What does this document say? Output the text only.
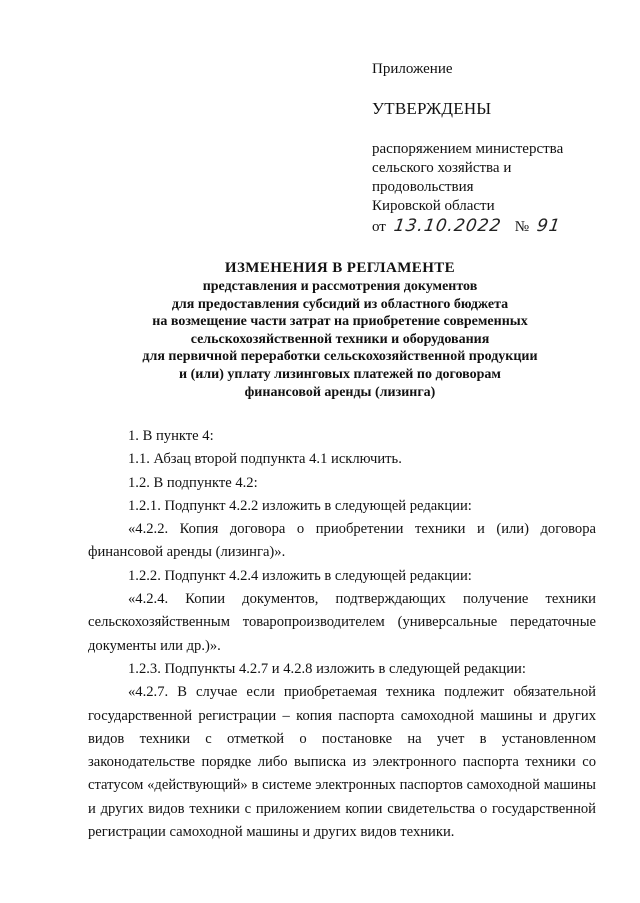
Приложение

УТВЕРЖДЕНЫ

распоряжением министерства
сельского хозяйства и
продовольствия
Кировской области

от 13.10.2022 № 91

ИЗМЕНЕНИЯ В РЕГЛАМЕНТЕ

представления и рассмотрения документов

для предоставления субсидий из областного бюджета

на возмещение части затрат на приобретение современных

сельскохозяйственной техники и оборудования

для первичной переработки сельскохозяйственной продукции

и (или) уплату лизинговых платежей по договорам

финансовой аренды (лизинга)

1. В пункте 4:

1.1. Абзац второй подпункта 4.1 исключить.

1.2. В подпункте 4.2:

1.2.1. Подпункт 4.2.2 изложить в следующей редакции:

«4.2.2. Копия договора о приобретении техники и (или) договора финансовой аренды (лизинга)».

1.2.2. Подпункт 4.2.4 изложить в следующей редакции:

«4.2.4. Копии документов, подтверждающих получение техники сельскохозяйственным товаропроизводителем (универсальные передаточные документы или др.)».

1.2.3. Подпункты 4.2.7 и 4.2.8 изложить в следующей редакции:

«4.2.7. В случае если приобретаемая техника подлежит обязательной государственной регистрации – копия паспорта самоходной машины и других видов техники с отметкой о постановке на учет в установленном законодательстве порядке либо выписка из электронного паспорта техники со статусом «действующий» в системе электронных паспортов самоходной машины и других видов техники с приложением копии свидетельства о государственной регистрации самоходной машины и других видов техники.
